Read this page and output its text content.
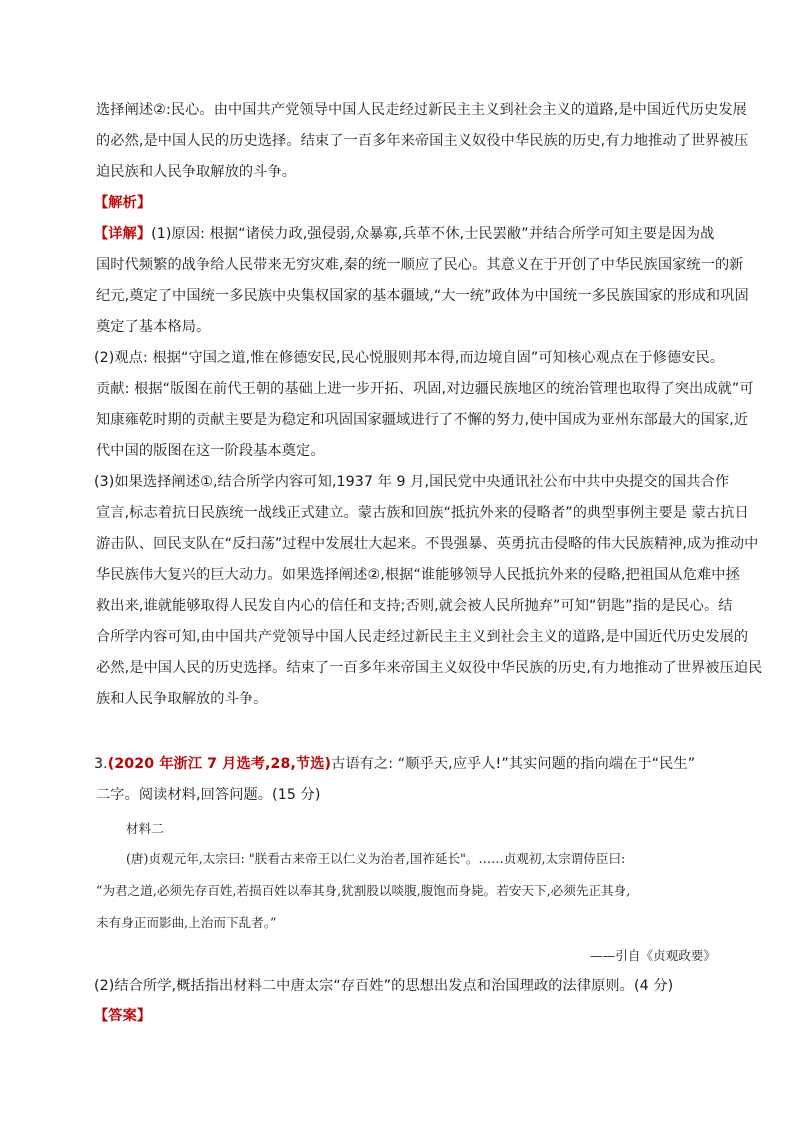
选择阐述②:民心。由中国共产党领导中国人民走经过新民主主义到社会主义的道路,是中国近代历史发展
的必然,是中国人民的历史选择。结束了一百多年来帝国主义奴役中华民族的历史,有力地推动了世界被压
迫民族和人民争取解放的斗争。
【解析】
【详解】(1)原因: 根据“诸侯力政,强侵弱,众暴寡,兵革不休,士民罢敝”并结合所学可知主要是因为战
国时代频繁的战争给人民带来无穷灾难,秦的统一顺应了民心。其意义在于开创了中华民族国家统一的新
纪元,奠定了中国统一多民族中央集权国家的基本疆域,“大一统”政体为中国统一多民族国家的形成和巩固
奠定了基本格局。
(2)观点: 根据“守国之道,惟在修德安民,民心悦服则邦本得,而边境自固”可知核心观点在于修德安民。
贡献: 根据“版图在前代王朝的基础上进一步开拓、巩固,对边疆民族地区的统治管理也取得了突出成就”可
知康雍乾时期的贡献主要是为稳定和巩固国家疆域进行了不懈的努力,使中国成为亚州东部最大的国家,近
代中国的版图在这一阶段基本奠定。
(3)如果选择阐述①,结合所学内容可知,1937 年 9 月,国民党中央通讯社公布中共中央提交的国共合作
宣言,标志着抗日民族统一战线正式建立。蒙古族和回族“抵抗外来的侵略者”的典型事例主要是 蒙古抗日
游击队、回民支队在“反扫荡”过程中发展壮大起来。不畏强暴、英勇抗击侵略的伟大民族精神,成为推动中
华民族伟大复兴的巨大动力。如果选择阐述②,根据“谁能够领导人民抵抗外来的侵略,把祖国从危难中拯
救出来,谁就能够取得人民发自内心的信任和支持;否则,就会被人民所抛弃”可知“钥匙”指的是民心。结
合所学内容可知,由中国共产党领导中国人民走经过新民主主义到社会主义的道路,是中国近代历史发展的
必然,是中国人民的历史选择。结束了一百多年来帝国主义奴役中华民族的历史,有力地推动了世界被压迫民
族和人民争取解放的斗争。
3.(2020 年浙江 7 月选考,28,节选)古语有之: “顺乎天,应乎人!”其实问题的指向端在于“民生”
二字。阅读材料,回答问题。(15 分)
材料二
(唐)贞观元年,太宗曰: "朕看古来帝王以仁义为治者,国祚延长"。……贞观初,太宗谓侍臣曰:
“为君之道,必须先存百姓,若损百姓以奉其身,犹割股以啖腹,腹饱而身毙。若安天下,必须先正其身,
未有身正而影曲,上治而下乱者。”
——引自《贞观政要》
(2)结合所学,概括指出材料二中唐太宗“存百姓”的思想出发点和治国理政的法律原则。(4 分)
【答案】
